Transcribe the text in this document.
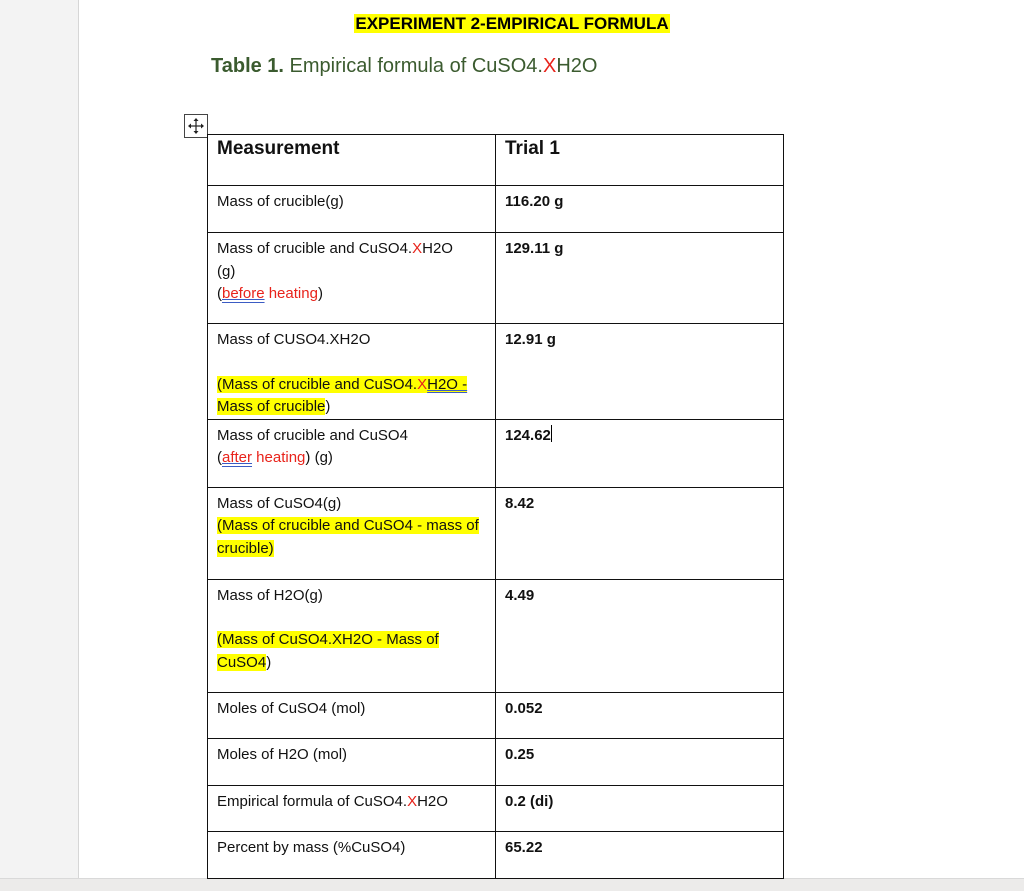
EXPERIMENT 2-EMPIRICAL FORMULA
Table 1. Empirical formula of CuSO4.XH2O
Measurement	Trial 1
Mass of crucible(g)	116.20 g
Mass of crucible and CuSO4.XH2O
(g)
(before heating)	129.11 g
Mass of CUSO4.XH2O

(Mass of crucible and CuSO4.XH2O -
Mass of crucible)	12.91 g
Mass of crucible and CuSO4
(after heating) (g)	124.62
Mass of CuSO4(g)
(Mass of crucible and CuSO4 - mass of crucible)	8.42
Mass of H2O(g)

(Mass of CuSO4.XH2O - Mass of CuSO4)	4.49
Moles of CuSO4 (mol)	0.052
Moles of H2O (mol)	0.25
Empirical formula of CuSO4.XH2O	0.2 (di)
Percent by mass (%CuSO4)	65.22
